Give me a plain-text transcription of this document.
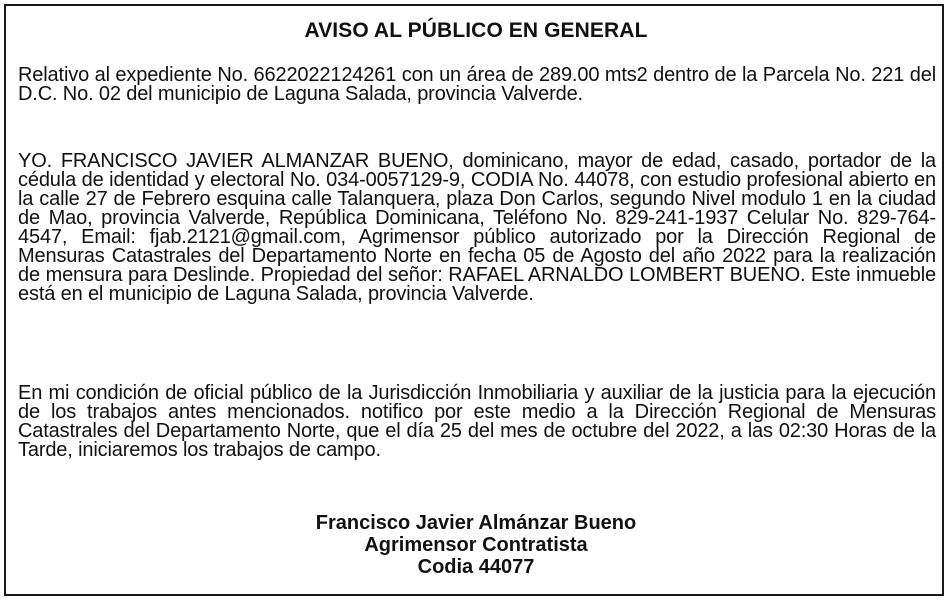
AVISO AL PÚBLICO EN GENERAL

Relativo al expediente No. 6622022124261 con un área de 289.00 mts2 dentro de la Parcela No. 221 del D.C. No. 02 del municipio de Laguna Salada, provincia Valverde.

YO. FRANCISCO JAVIER ALMANZAR BUENO, dominicano, mayor de edad, casado, portador de la cédula de identidad y electoral No. 034-0057129-9, CODIA No. 44078, con estudio profesional abierto en la calle 27 de Febrero esquina calle Talanquera, plaza Don Carlos, segundo Nivel modulo 1 en la ciudad de Mao, provincia Valverde, República Dominicana, Teléfono No. 829-241-1937 Celular No. 829-764-4547, Email: fjab.2121@gmail.com, Agrimensor público autorizado por la Dirección Regional de Mensuras Catastrales del Departamento Norte en fecha 05 de Agosto del año 2022 para la realización de mensura para Deslinde. Propiedad del señor: RAFAEL ARNALDO LOMBERT BUENO. Este inmueble está en el municipio de Laguna Salada, provincia Valverde.

En mi condición de oficial público de la Jurisdicción Inmobiliaria y auxiliar de la justicia para la ejecución de los trabajos antes mencionados. notifico por este medio a la Dirección Regional de Mensuras Catastrales del Departamento Norte, que el día 25 del mes de octubre del 2022, a las 02:30 Horas de la Tarde, iniciaremos los trabajos de campo.

Francisco Javier Almánzar Bueno
Agrimensor Contratista
Codia 44077
